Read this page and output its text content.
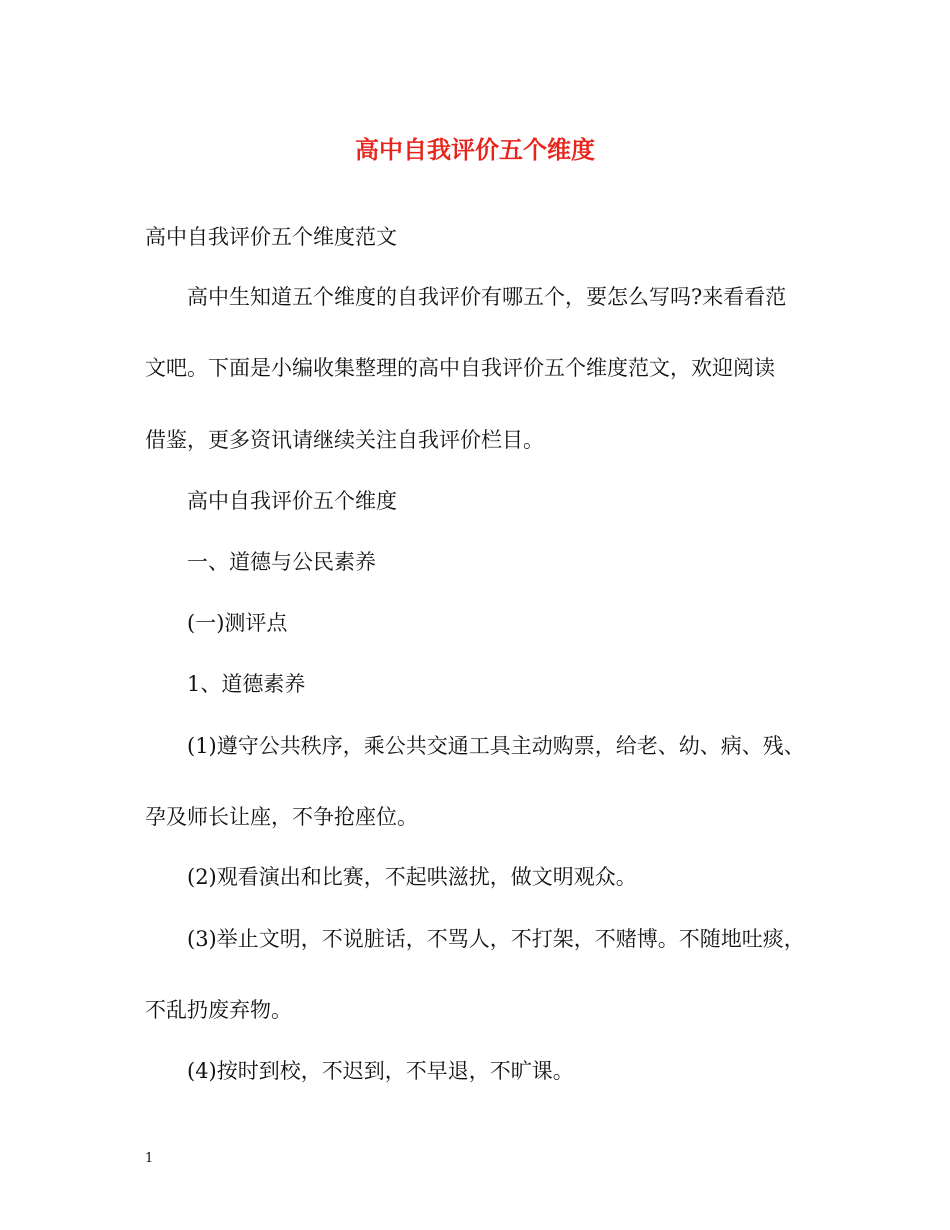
高中自我评价五个维度
高中自我评价五个维度范文
高中生知道五个维度的自我评价有哪五个，要怎么写吗?来看看范
文吧。下面是小编收集整理的高中自我评价五个维度范文，欢迎阅读
借鉴，更多资讯请继续关注自我评价栏目。
高中自我评价五个维度
一、道德与公民素养
(一)测评点
1、道德素养
(1)遵守公共秩序，乘公共交通工具主动购票，给老、幼、病、残、
孕及师长让座，不争抢座位。
(2)观看演出和比赛，不起哄滋扰，做文明观众。
(3)举止文明，不说脏话，不骂人，不打架，不赌博。不随地吐痰，
不乱扔废弃物。
(4)按时到校，不迟到，不早退，不旷课。
1
